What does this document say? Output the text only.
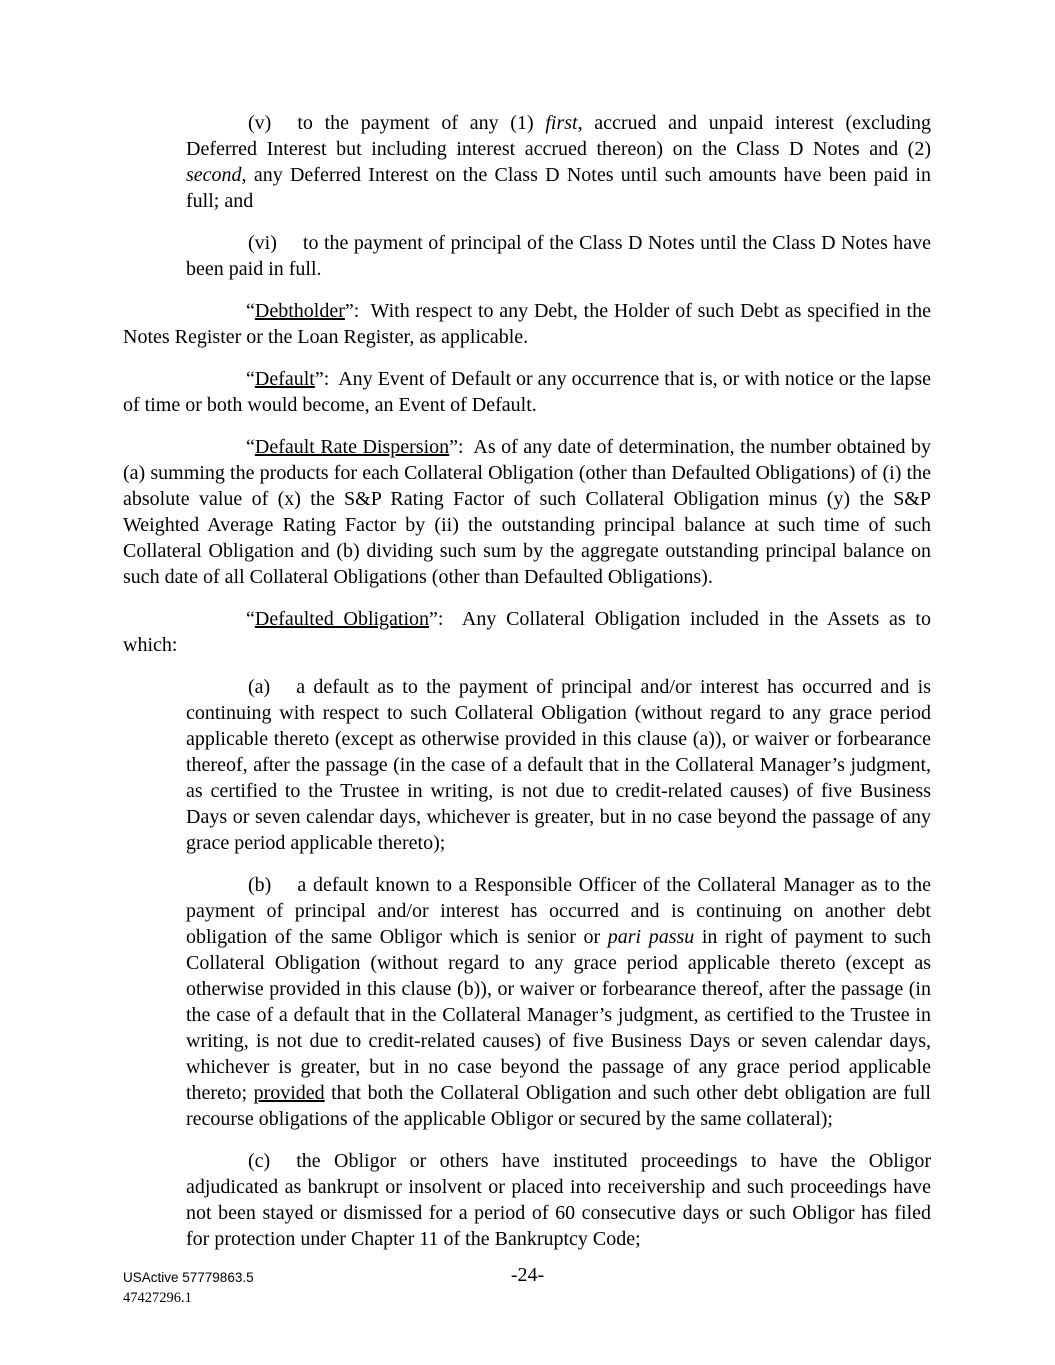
(v) to the payment of any (1) first, accrued and unpaid interest (excluding Deferred Interest but including interest accrued thereon) on the Class D Notes and (2) second, any Deferred Interest on the Class D Notes until such amounts have been paid in full; and

(vi) to the payment of principal of the Class D Notes until the Class D Notes have been paid in full.

“Debtholder”:  With respect to any Debt, the Holder of such Debt as specified in the Notes Register or the Loan Register, as applicable.

“Default”:  Any Event of Default or any occurrence that is, or with notice or the lapse of time or both would become, an Event of Default.

“Default Rate Dispersion”:  As of any date of determination, the number obtained by (a) summing the products for each Collateral Obligation (other than Defaulted Obligations) of (i) the absolute value of (x) the S&P Rating Factor of such Collateral Obligation minus (y) the S&P Weighted Average Rating Factor by (ii) the outstanding principal balance at such time of such Collateral Obligation and (b) dividing such sum by the aggregate outstanding principal balance on such date of all Collateral Obligations (other than Defaulted Obligations).

“Defaulted Obligation”:  Any Collateral Obligation included in the Assets as to which:

(a) a default as to the payment of principal and/or interest has occurred and is continuing with respect to such Collateral Obligation (without regard to any grace period applicable thereto (except as otherwise provided in this clause (a)), or waiver or forbearance thereof, after the passage (in the case of a default that in the Collateral Manager’s judgment, as certified to the Trustee in writing, is not due to credit-related causes) of five Business Days or seven calendar days, whichever is greater, but in no case beyond the passage of any grace period applicable thereto);

(b) a default known to a Responsible Officer of the Collateral Manager as to the payment of principal and/or interest has occurred and is continuing on another debt obligation of the same Obligor which is senior or pari passu in right of payment to such Collateral Obligation (without regard to any grace period applicable thereto (except as otherwise provided in this clause (b)), or waiver or forbearance thereof, after the passage (in the case of a default that in the Collateral Manager’s judgment, as certified to the Trustee in writing, is not due to credit-related causes) of five Business Days or seven calendar days, whichever is greater, but in no case beyond the passage of any grace period applicable thereto; provided that both the Collateral Obligation and such other debt obligation are full recourse obligations of the applicable Obligor or secured by the same collateral);

(c) the Obligor or others have instituted proceedings to have the Obligor adjudicated as bankrupt or insolvent or placed into receivership and such proceedings have not been stayed or dismissed for a period of 60 consecutive days or such Obligor has filed for protection under Chapter 11 of the Bankruptcy Code;

USActive 57779863.5
47427296.1
-24-
